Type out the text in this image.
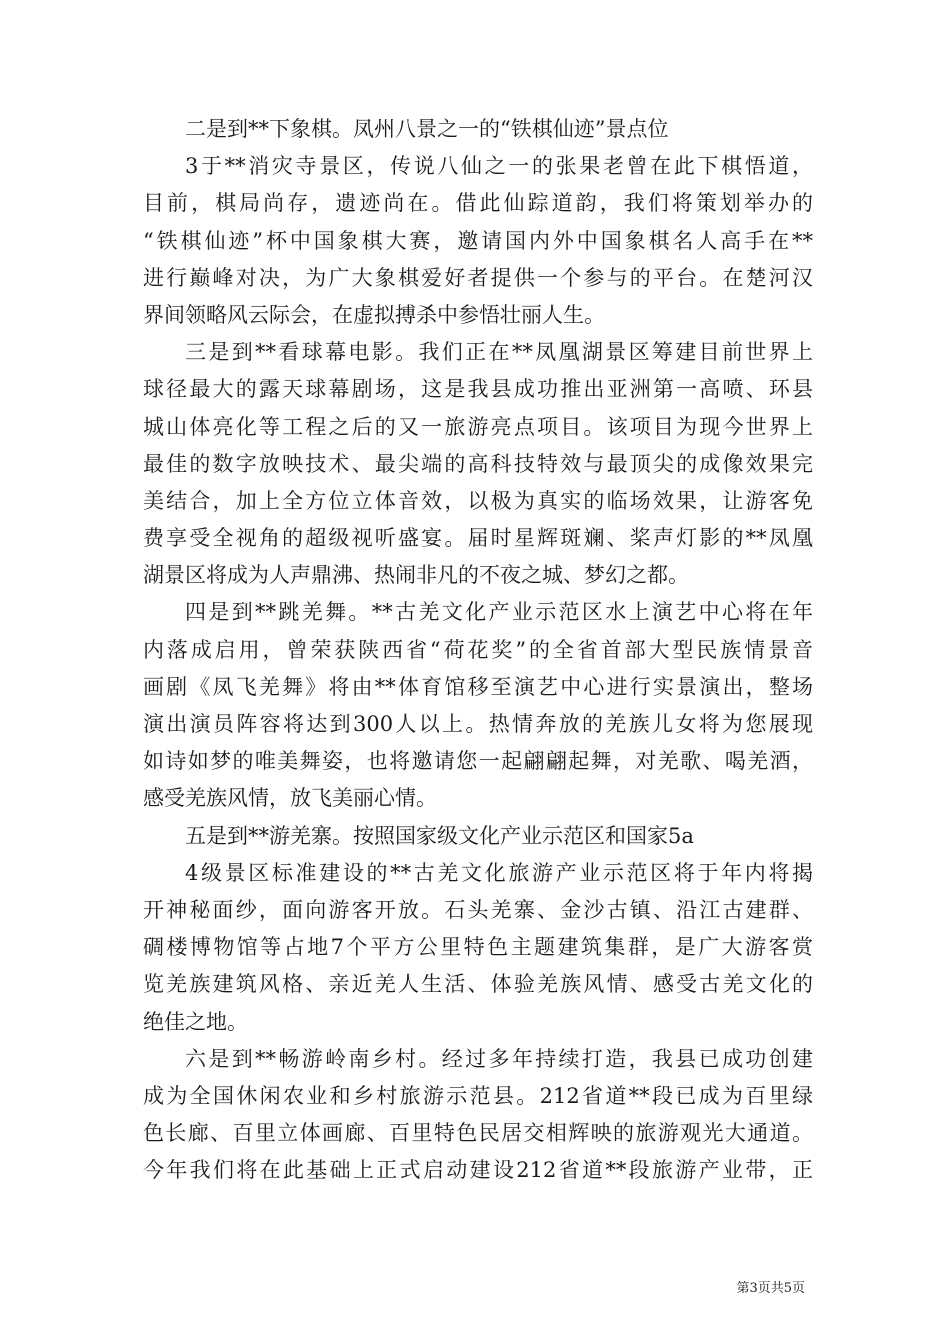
二是到**下象棋。凤州八景之一的“铁棋仙迹”景点位
3于**消灾寺景区，传说八仙之一的张果老曾在此下棋悟道，
目前，棋局尚存，遗迹尚在。借此仙踪道韵，我们将策划举办的
“铁棋仙迹”杯中国象棋大赛，邀请国内外中国象棋名人高手在**
进行巅峰对决，为广大象棋爱好者提供一个参与的平台。在楚河汉
界间领略风云际会，在虚拟搏杀中参悟壮丽人生。
三是到**看球幕电影。我们正在**凤凰湖景区筹建目前世界上
球径最大的露天球幕剧场，这是我县成功推出亚洲第一高喷、环县
城山体亮化等工程之后的又一旅游亮点项目。该项目为现今世界上
最佳的数字放映技术、最尖端的高科技特效与最顶尖的成像效果完
美结合，加上全方位立体音效，以极为真实的临场效果，让游客免
费享受全视角的超级视听盛宴。届时星辉斑斓、桨声灯影的**凤凰
湖景区将成为人声鼎沸、热闹非凡的不夜之城、梦幻之都。
四是到**跳羌舞。**古羌文化产业示范区水上演艺中心将在年
内落成启用，曾荣获陕西省“荷花奖”的全省首部大型民族情景音
画剧《凤飞羌舞》将由**体育馆移至演艺中心进行实景演出，整场
演出演员阵容将达到300人以上。热情奔放的羌族儿女将为您展现
如诗如梦的唯美舞姿，也将邀请您一起翩翩起舞，对羌歌、喝羌酒，
感受羌族风情，放飞美丽心情。
五是到**游羌寨。按照国家级文化产业示范区和国家5a
4级景区标准建设的**古羌文化旅游产业示范区将于年内将揭
开神秘面纱，面向游客开放。石头羌寨、金沙古镇、沿江古建群、
碉楼博物馆等占地7个平方公里特色主题建筑集群，是广大游客赏
览羌族建筑风格、亲近羌人生活、体验羌族风情、感受古羌文化的
绝佳之地。
六是到**畅游岭南乡村。经过多年持续打造，我县已成功创建
成为全国休闲农业和乡村旅游示范县。212省道**段已成为百里绿
色长廊、百里立体画廊、百里特色民居交相辉映的旅游观光大通道。
今年我们将在此基础上正式启动建设212省道**段旅游产业带，正
第3页共5页
